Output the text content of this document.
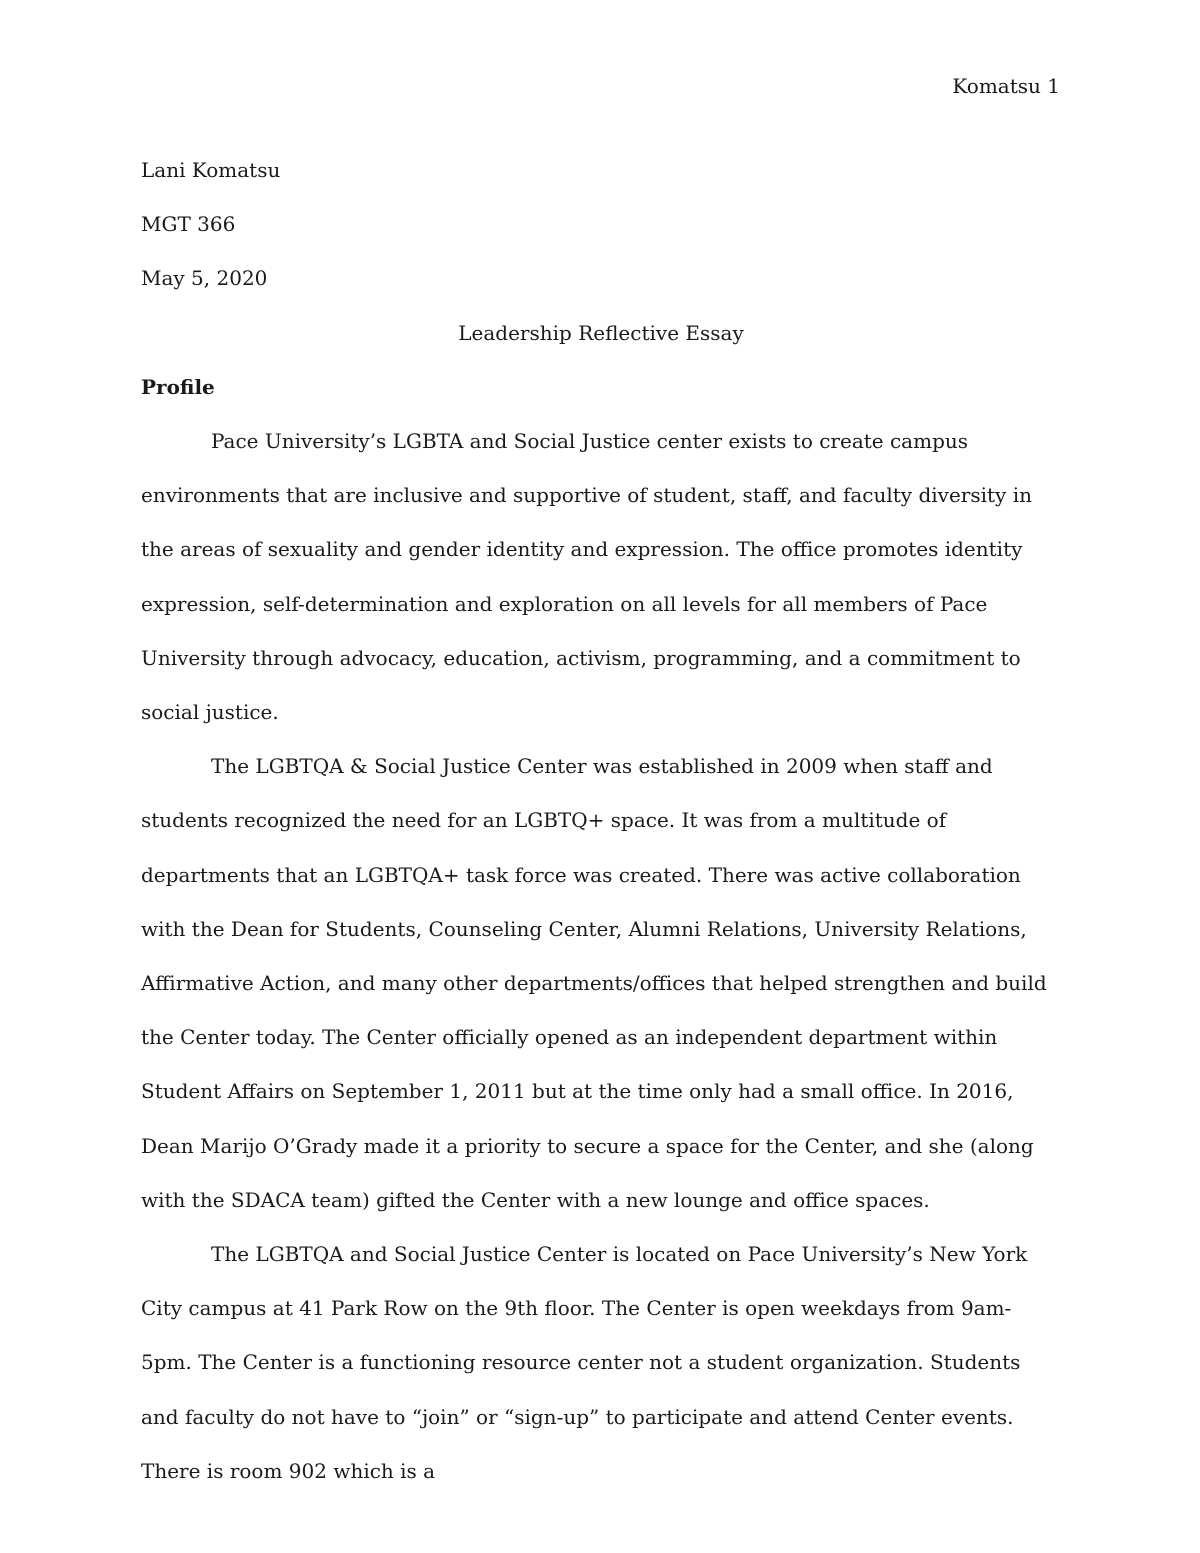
Komatsu 1
Lani Komatsu
MGT 366
May 5, 2020
Leadership Reflective Essay
Profile

Pace University’s LGBTA and Social Justice center exists to create campus environments that are inclusive and supportive of student, staff, and faculty diversity in the areas of sexuality and gender identity and expression. The office promotes identity expression, self-determination and exploration on all levels for all members of Pace University through advocacy, education, activism, programming, and a commitment to social justice.

The LGBTQA & Social Justice Center was established in 2009 when staff and students recognized the need for an LGBTQ+ space. It was from a multitude of departments that an LGBTQA+ task force was created. There was active collaboration with the Dean for Students, Counseling Center, Alumni Relations, University Relations, Affirmative Action, and many other departments/offices that helped strengthen and build the Center today. The Center officially opened as an independent department within Student Affairs on September 1, 2011 but at the time only had a small office. In 2016, Dean Marijo O’Grady made it a priority to secure a space for the Center, and she (along with the SDACA team) gifted the Center with a new lounge and office spaces.

The LGBTQA and Social Justice Center is located on Pace University’s New York City campus at 41 Park Row on the 9th floor. The Center is open weekdays from 9am-5pm. The Center is a functioning resource center not a student organization. Students and faculty do not have to “join” or “sign-up” to participate and attend Center events. There is room 902 which is a
